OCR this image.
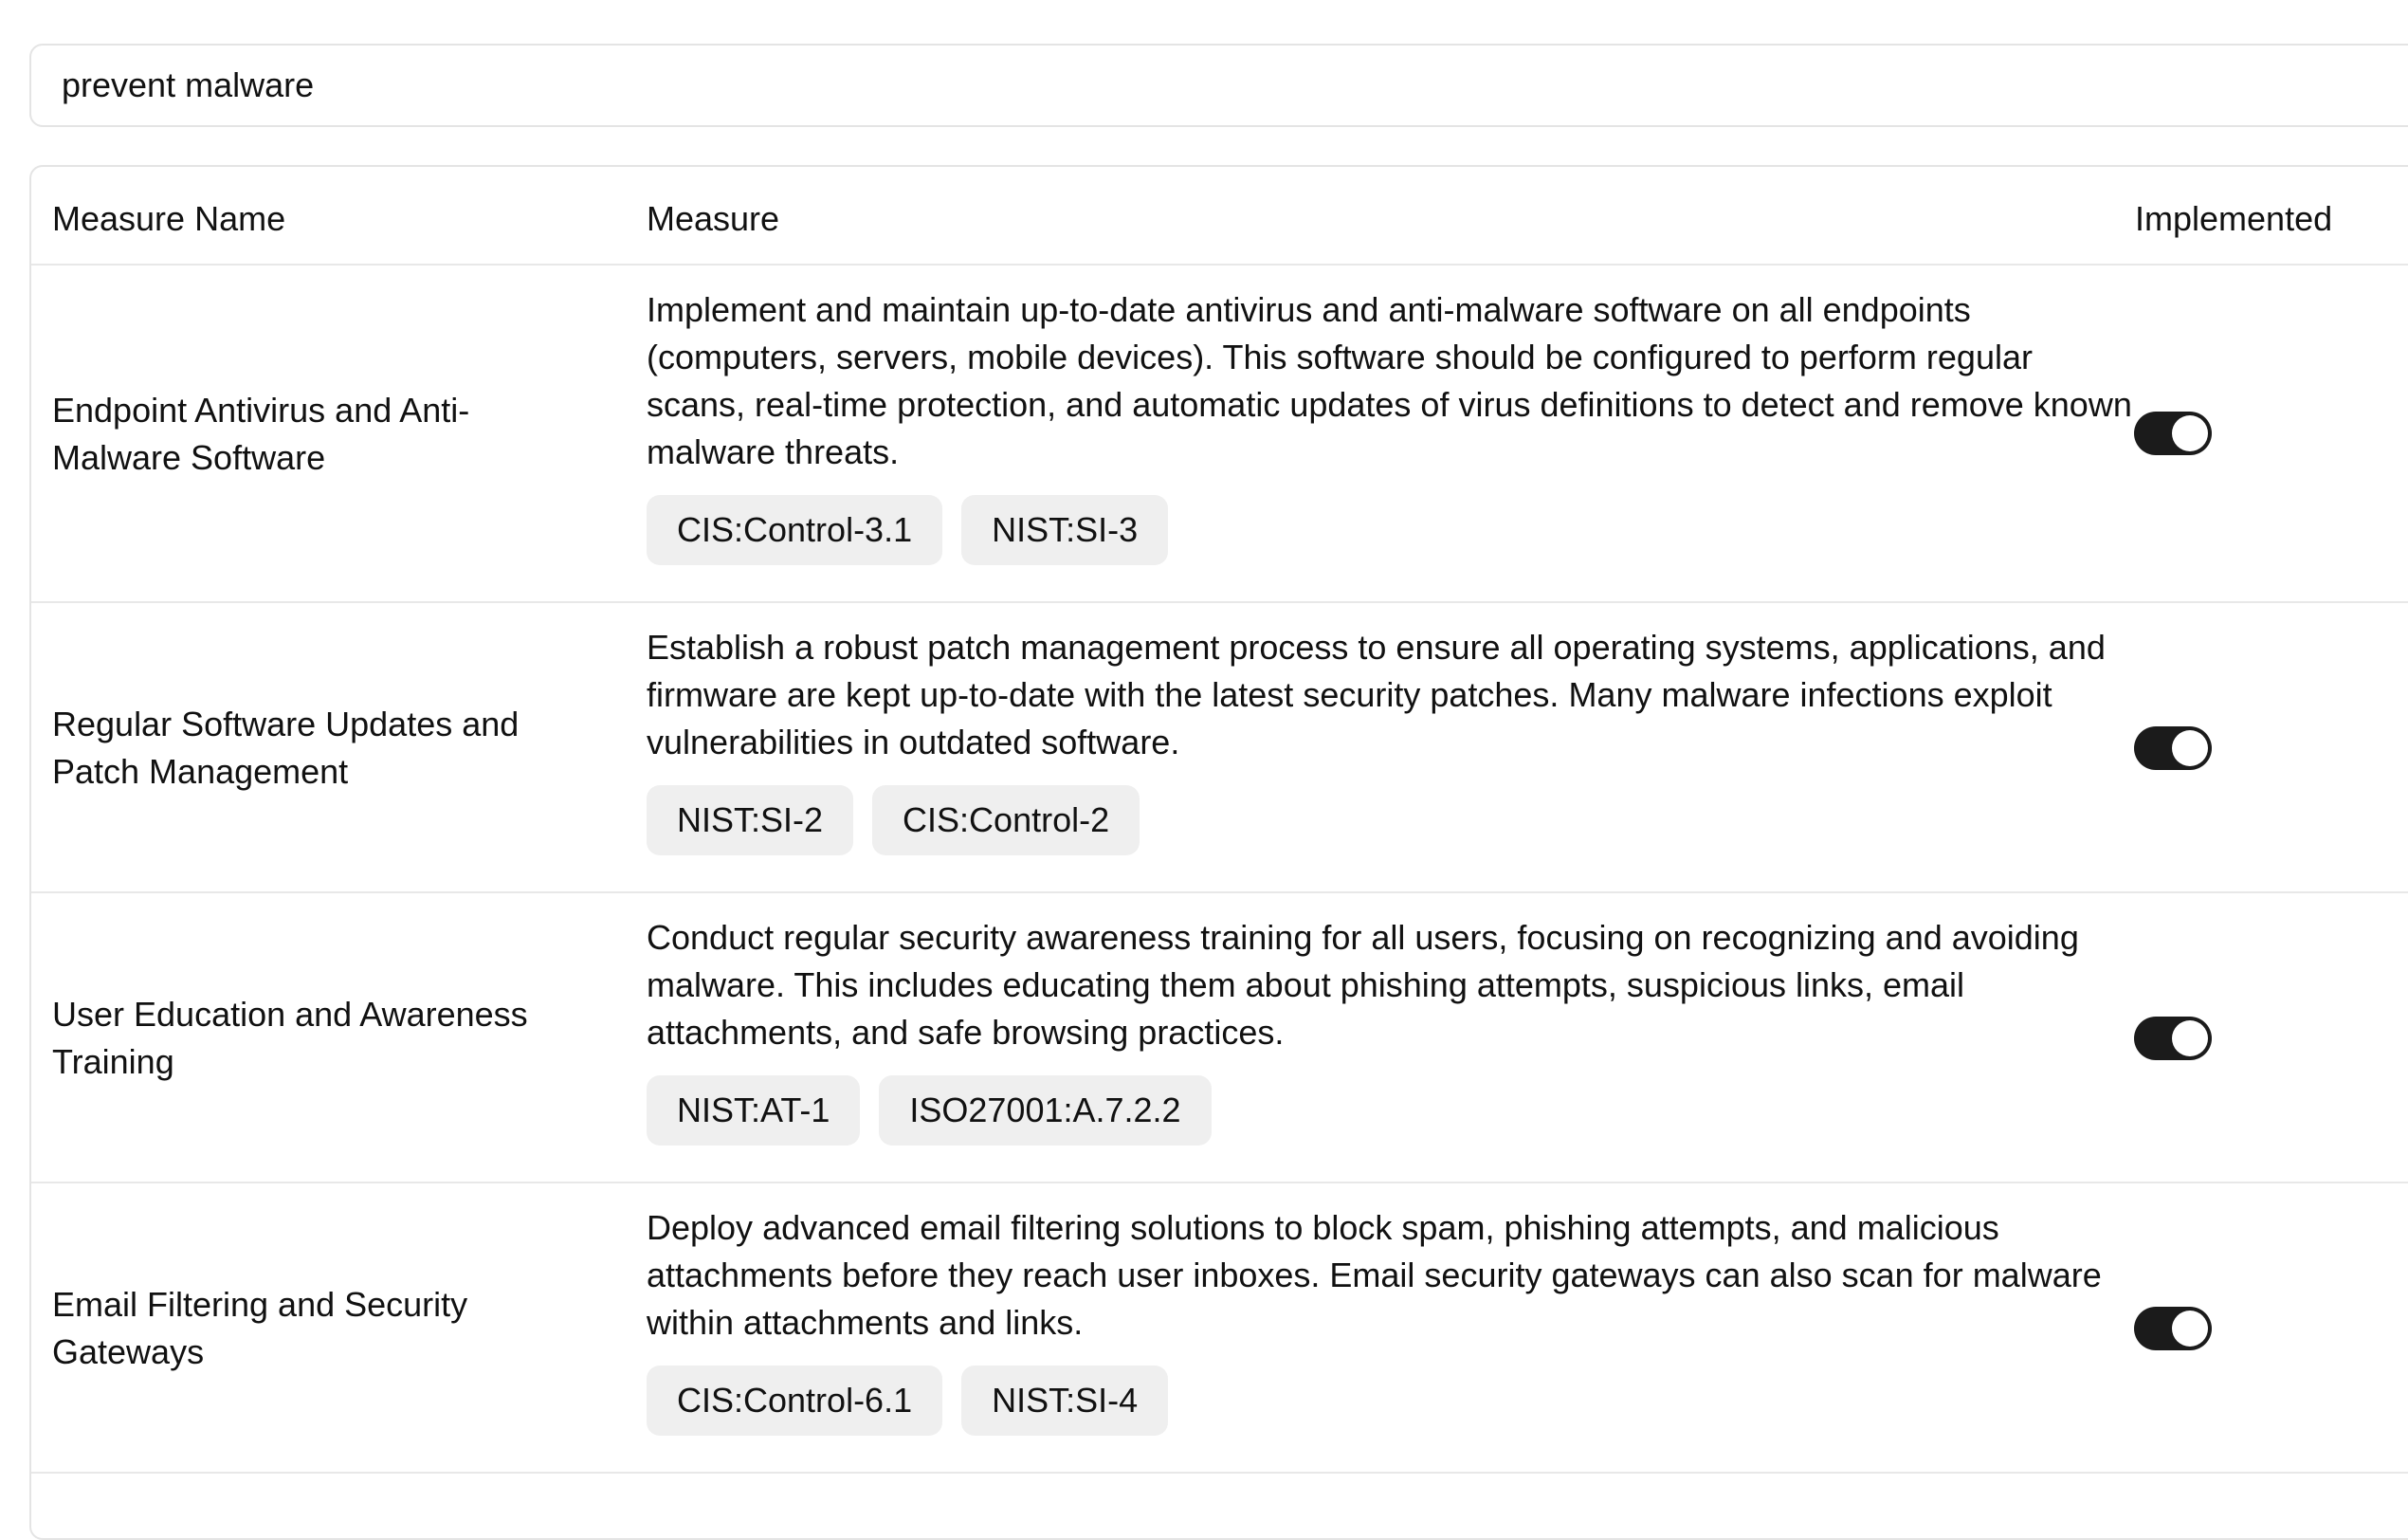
prevent malware
Measure Name	Measure	Implemented
Endpoint Antivirus and Anti-Malware Software

Implement and maintain up-to-date antivirus and anti-malware software on all endpoints (computers, servers, mobile devices). This software should be configured to perform regular scans, real-time protection, and automatic updates of virus definitions to detect and remove known malware threats.

CIS:Control-3.1	NIST:SI-3
Regular Software Updates and Patch Management

Establish a robust patch management process to ensure all operating systems, applications, and firmware are kept up-to-date with the latest security patches. Many malware infections exploit vulnerabilities in outdated software.

NIST:SI-2	CIS:Control-2
User Education and Awareness Training

Conduct regular security awareness training for all users, focusing on recognizing and avoiding malware. This includes educating them about phishing attempts, suspicious links, email attachments, and safe browsing practices.

NIST:AT-1	ISO27001:A.7.2.2
Email Filtering and Security Gateways

Deploy advanced email filtering solutions to block spam, phishing attempts, and malicious attachments before they reach user inboxes. Email security gateways can also scan for malware within attachments and links.

CIS:Control-6.1	NIST:SI-4
